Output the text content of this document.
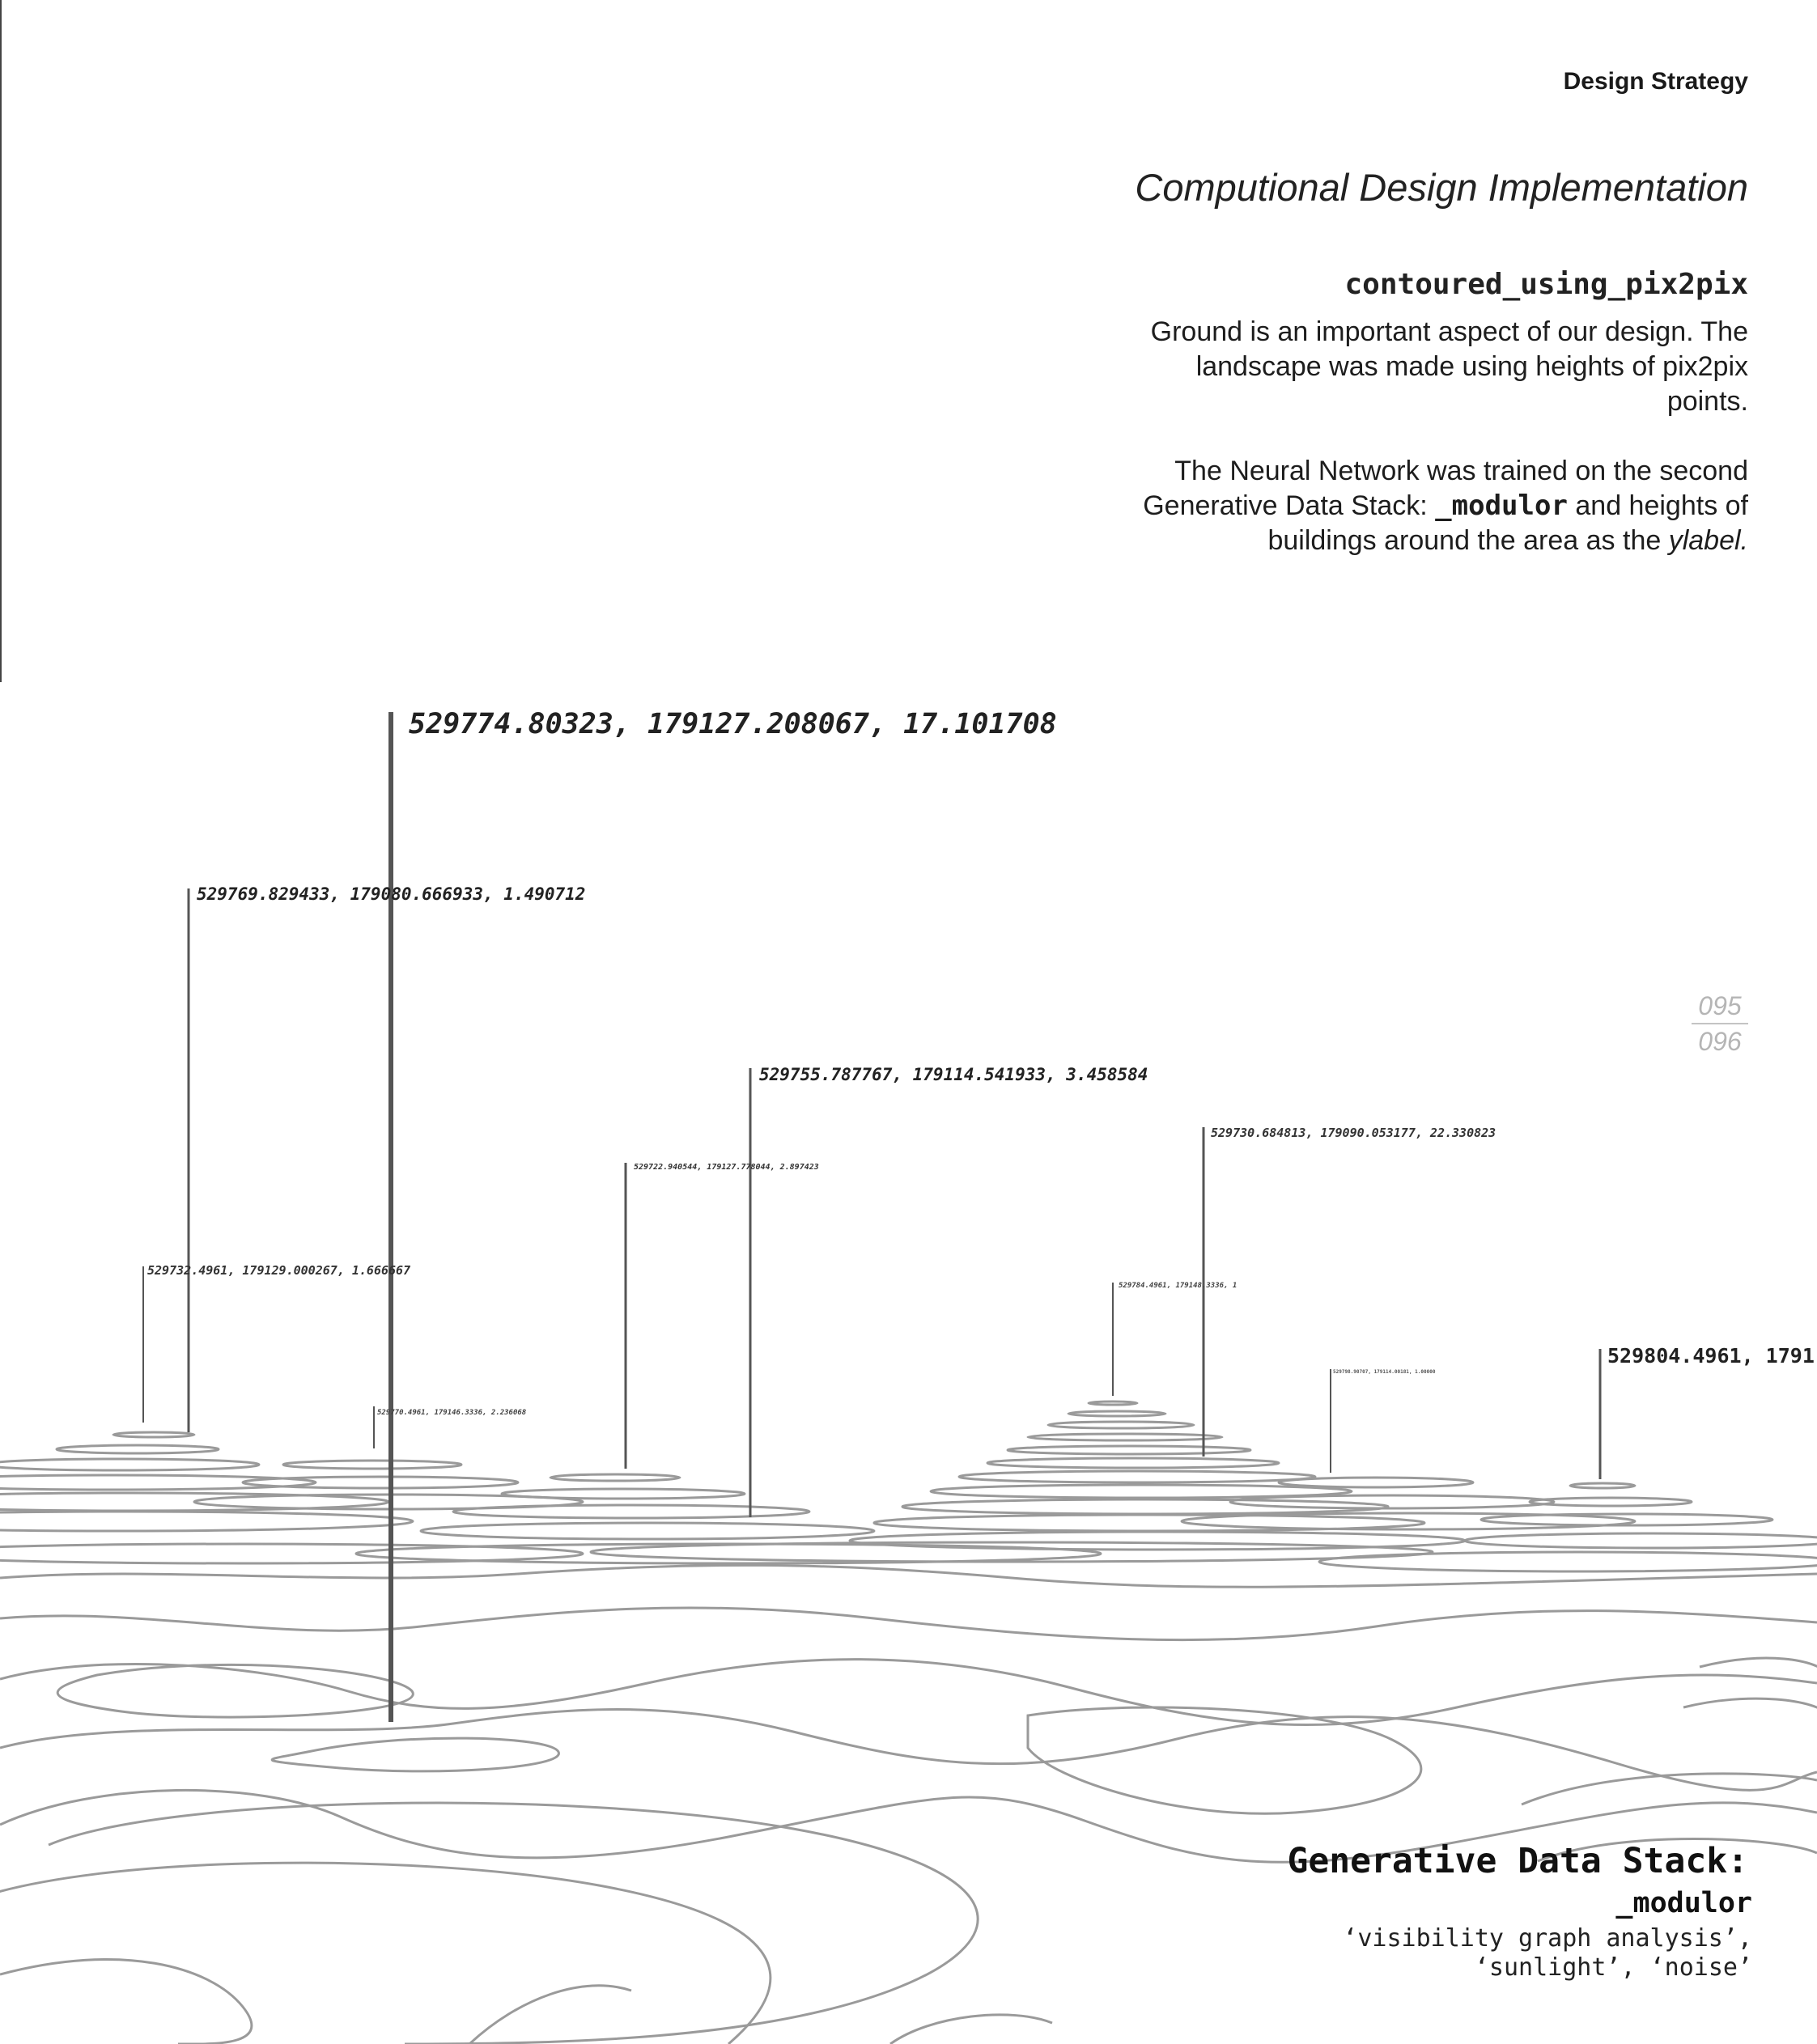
Design Strategy
Computional Design Implementation
contoured_using_pix2pix

Ground is an important aspect of our design. The landscape was made using heights of pix2pix points.

The Neural Network was trained on the second Generative Data Stack: _modulor and heights of buildings around the area as the ylabel.

095
096
529774.80323, 179127.208067, 17.101708
529769.829433, 179080.666933, 1.490712
529755.787767, 179114.541933, 3.458584
529722.940544, 179127.778044, 2.897423
529730.684813, 179090.053177, 22.330823
529732.4961, 179129.000267, 1.666667
529784.4961, 179148.3336, 1
529770.4961, 179146.3336, 2.236068
529798.90707, 179114.00181, 1.00000
529804.4961, 1791
Generative Data Stack:
_modulor
‘visibility graph analysis’,
‘sunlight’, ‘noise’
